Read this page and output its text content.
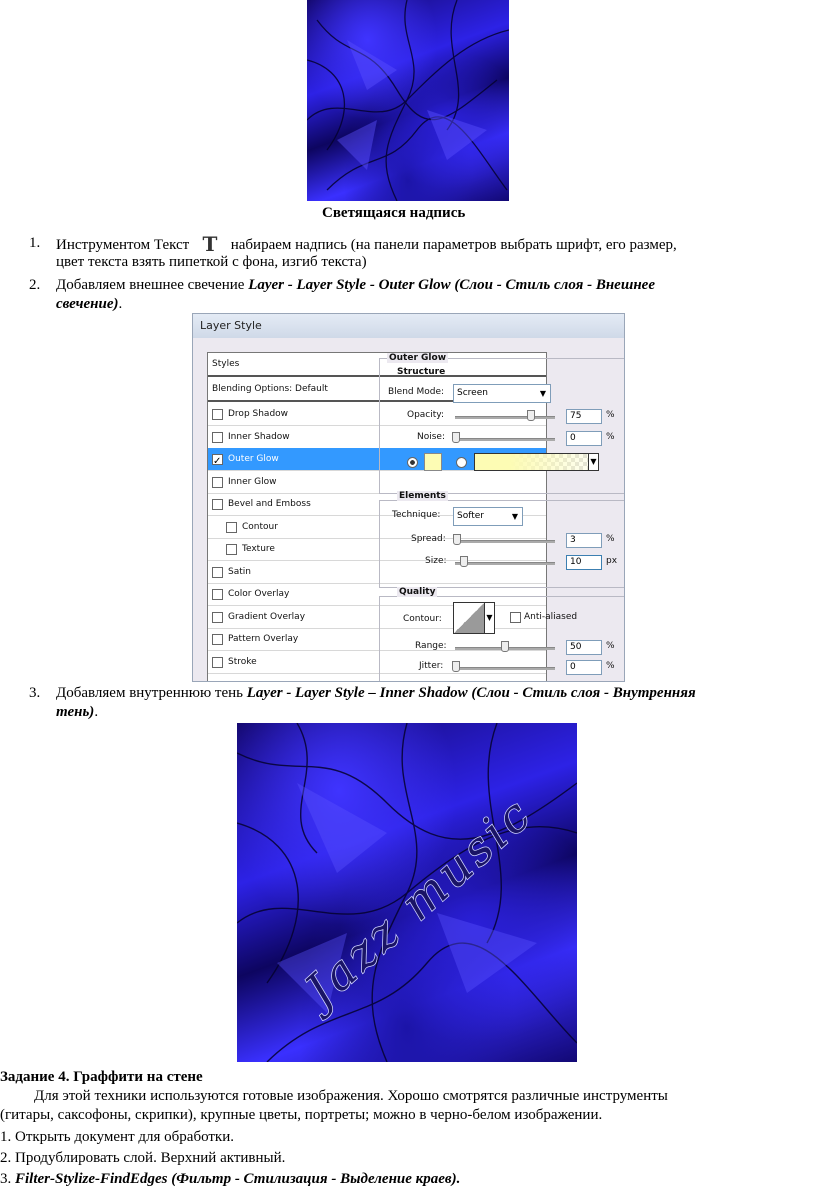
Светящаяся надпись
1. Инструментом Текст T набираем надпись (на панели параметров выбрать шрифт, его размер,
цвет текста взять пипеткой с фона, изгиб текста)
2. Добавляем внешнее свечение Layer - Layer Style - Outer Glow (Слои - Стиль слоя - Внешнее
свечение).
Layer Style
Styles
Blending Options: Default
Drop Shadow
Inner Shadow
✓
Outer Glow
Inner Glow
Bevel and Emboss
Contour
Texture
Satin
Color Overlay
Gradient Overlay
Pattern Overlay
Stroke
Outer Glow
Structure
Blend Mode:	Screen	▼
Opacity:	75	%
Noise:	0	%
▼
Elements
Technique:	Softer	▼
Spread:	3	%
Size:	10	px
Quality
Contour:	▼	Anti-aliased
Range:	50	%
Jitter:	0	%
3. Добавляем внутреннюю тень Layer - Layer Style – Inner Shadow (Слои - Стиль слоя - Внутренняя
тень).
Jazz music
Задание 4. Граффити на стене
Для этой техники используются готовые изображения. Хорошо смотрятся различные инструменты
(гитары, саксофоны, скрипки), крупные цветы, портреты; можно в черно-белом изображении.
1. Открыть документ для обработки.
2. Продублировать слой. Верхний активный.
3. Filter-Stylize-FindEdges (Фильтр - Стилизация - Выделение краев).
